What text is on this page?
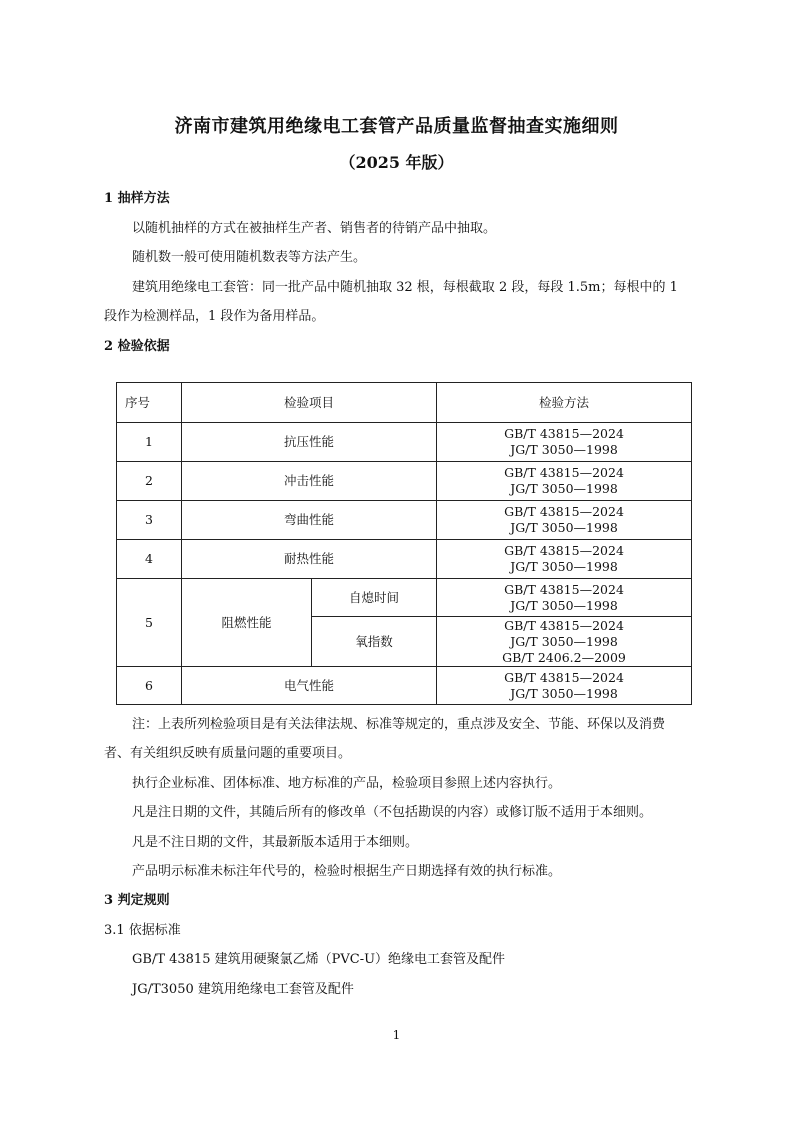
济南市建筑用绝缘电工套管产品质量监督抽查实施细则
（2025 年版）
1 抽样方法
以随机抽样的方式在被抽样生产者、销售者的待销产品中抽取。
随机数一般可使用随机数表等方法产生。
建筑用绝缘电工套管：同一批产品中随机抽取 32 根，每根截取 2 段，每段 1.5m；每根中的 1
段作为检测样品，1 段作为备用样品。
2 检验依据
序号	检验项目		检验方法
1	抗压性能		GB/T 43815—2024
JG/T 3050—1998

2	冲击性能		GB/T 43815—2024
JG/T 3050—1998

3	弯曲性能		GB/T 43815—2024
JG/T 3050—1998

4	耐热性能		GB/T 43815—2024
JG/T 3050—1998

5	阻燃性能	自熄时间	GB/T 43815—2024
JG/T 3050—1998

		氧指数	GB/T 43815—2024
JG/T 3050—1998
GB/T 2406.2—2009

6	电气性能		GB/T 43815—2024
JG/T 3050—1998
注：上表所列检验项目是有关法律法规、标准等规定的，重点涉及安全、节能、环保以及消费
者、有关组织反映有质量问题的重要项目。
执行企业标准、团体标准、地方标准的产品，检验项目参照上述内容执行。
凡是注日期的文件，其随后所有的修改单（不包括勘误的内容）或修订版不适用于本细则。
凡是不注日期的文件，其最新版本适用于本细则。
产品明示标准未标注年代号的，检验时根据生产日期选择有效的执行标准。
3 判定规则
3.1 依据标准
GB/T 43815 建筑用硬聚氯乙烯（PVC-U）绝缘电工套管及配件
JG/T3050 建筑用绝缘电工套管及配件
1
